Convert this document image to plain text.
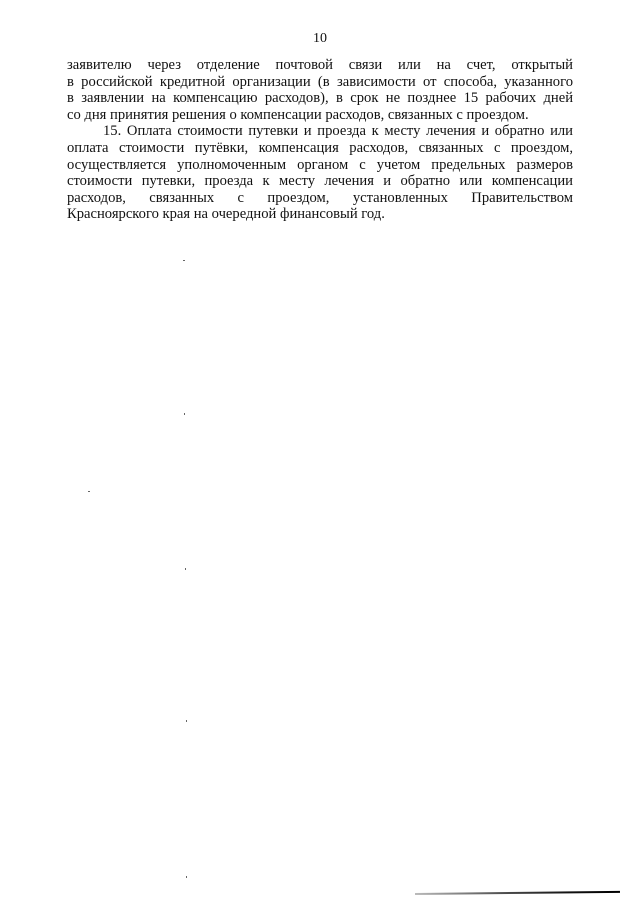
10

заявителю через отделение почтовой связи или на счет, открытый
в российской кредитной организации (в зависимости от способа, указанного
в заявлении на компенсацию расходов), в срок не позднее 15 рабочих дней
со дня принятия решения о компенсации расходов, связанных с проездом.

15. Оплата стоимости путевки и проезда к месту лечения и обратно или
оплата стоимости путёвки, компенсация расходов, связанных с проездом,
осуществляется уполномоченным органом с учетом предельных размеров
стоимости путевки, проезда к месту лечения и обратно или компенсации
расходов, связанных с проездом, установленных Правительством
Красноярского края на очередной финансовый год.
